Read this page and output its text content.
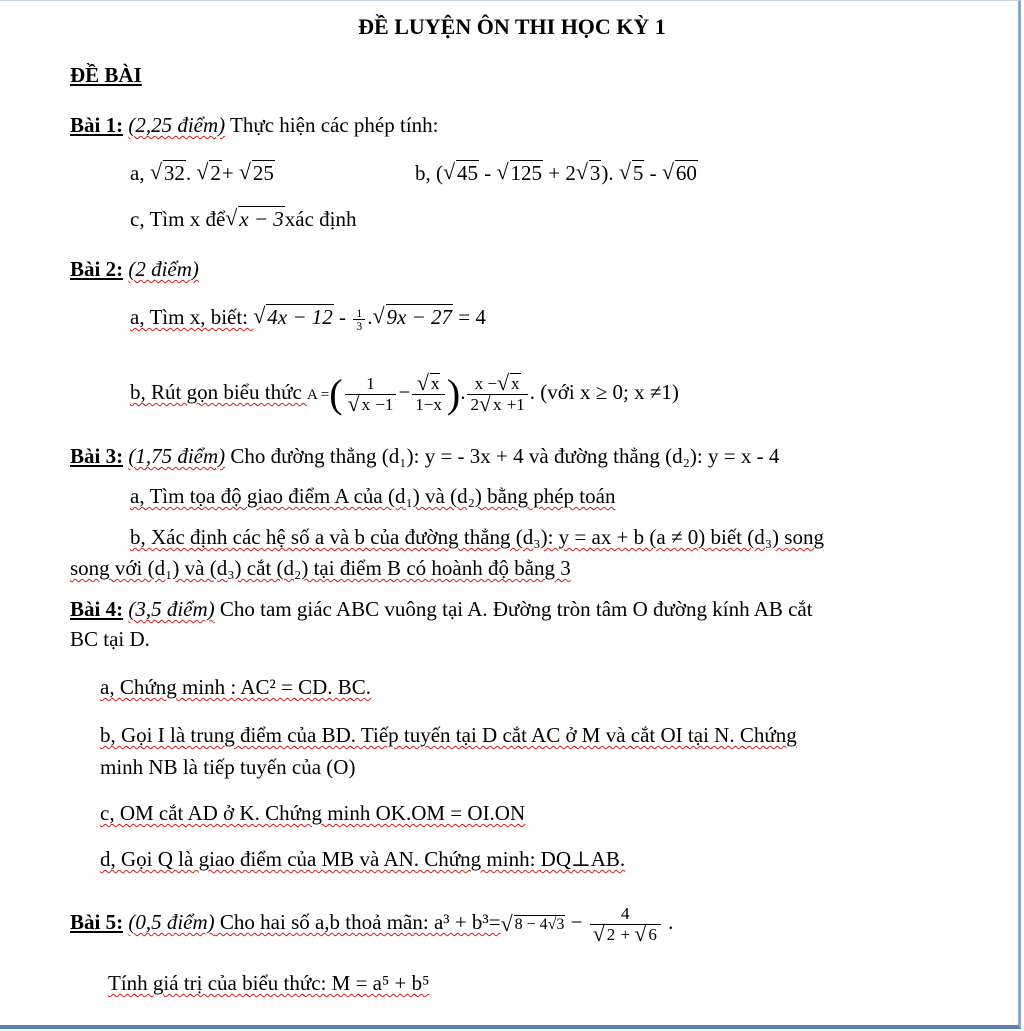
ĐỀ LUYỆN ÔN THI HỌC KỲ 1
ĐỀ BÀI
Bài 1: (2,25 điểm) Thực hiện các phép tính:
a, √ 32. √ 2+ √ 25	b, ( √ 45 - √ 125 + 2 √ 3). √ 5 - √ 60
c, Tìm x để √ x − 3xác định
Bài 2: (2 điểm)
a, Tìm x, biết: √ $4x - 12 - \frac{1}{3}$ . √ 9x − 27 = 4
b, Rút gọn biểu thức A =( 1
√ x −1 − √ $\frac{x}{1-x}$ ). $\frac{x - √ x}{2 √ x +1}$ . (với x ≥ 0; x ≠1)
Bài 3: (1,75 điểm) Cho đường thẳng (d₁): y = - 3x + 4 và đường thẳng (d₂): y = x - 4
a, Tìm tọa độ giao điểm A của (d₁) và (d₂) bằng phép toán
b, Xác định các hệ số a và b của đường thẳng (d₃): y = ax + b (a ≠ 0) biết (d₃) song
song với (d₁) và (d₃) cắt (d₂) tại điểm B có hoành độ bằng 3
Bài 4: (3,5 điểm) Cho tam giác ABC vuông tại A. Đường tròn tâm O đường kính AB cắt
BC tại D.
a, Chứng minh : AC² = CD. BC.
b, Gọi I là trung điểm của BD. Tiếp tuyến tại D cắt AC ở M và cắt OI tại N. Chứng
minh NB là tiếp tuyến của (O)
c, OM cắt AD ở K. Chứng minh OK.OM = OI.ON
d, Gọi Q là giao điểm của MB và AN. Chứng minh: DQ⊥AB.
Bài 5: (0,5 điểm) Cho hai số a,b thoả mãn: a³ + b³= √ 8 − 4√3 − 4
√ 2 + √ 6 .
Tính giá trị của biểu thức: M = a⁵ + b⁵
